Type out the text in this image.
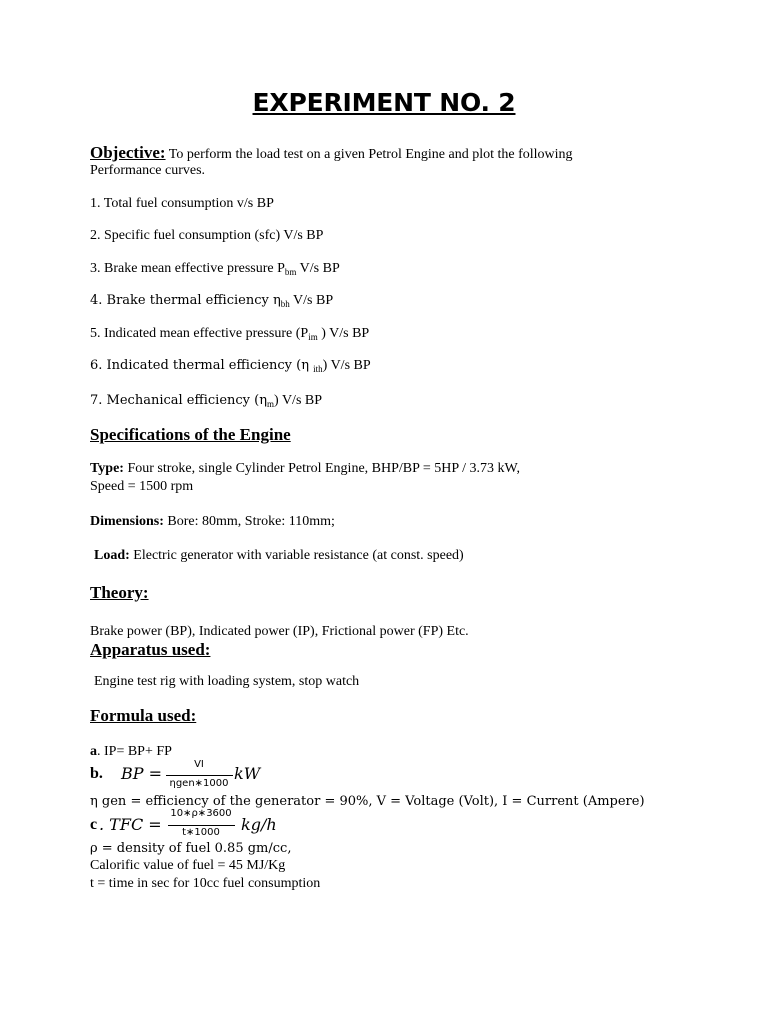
EXPERIMENT NO. 2
Objective: To perform the load test on a given Petrol Engine and plot the following
Performance curves.
1. Total fuel consumption v/s BP
2. Specific fuel consumption (sfc) V/s BP
3. Brake mean effective pressure $P_{bm}$ V/s BP
4. Brake thermal efficiency $\eta_{bh}$ V/s BP
5. Indicated mean effective pressure ($P_{im}$ ) V/s BP
6. Indicated thermal efficiency (η $_{ith}$) V/s BP
7. Mechanical efficiency $(\eta_m)$ V/s BP
Specifications of the Engine
Type: Four stroke, single Cylinder Petrol Engine, BHP/BP = 5HP / 3.73 kW,
Speed = 1500 rpm
Dimensions: Bore: 80mm, Stroke: 110mm;
Load: Electric generator with variable resistance (at const. speed)
Theory:
Brake power (BP), Indicated power (IP), Frictional power (FP) Etc.
Apparatus used:
Engine test rig with loading system, stop watch
Formula used:
a. IP= BP+ FP
b. BP =	VI
ηgen∗1000
kW
η gen = efficiency of the generator = 90%, V = Voltage (Volt), I = Current (Ampere)
c . TFC =
10∗ρ∗3600
t∗1000	kg/h
ρ = density of fuel 0.85 gm/cc,
Calorific value of fuel = 45 MJ/Kg
t = time in sec for 10cc fuel consumption
